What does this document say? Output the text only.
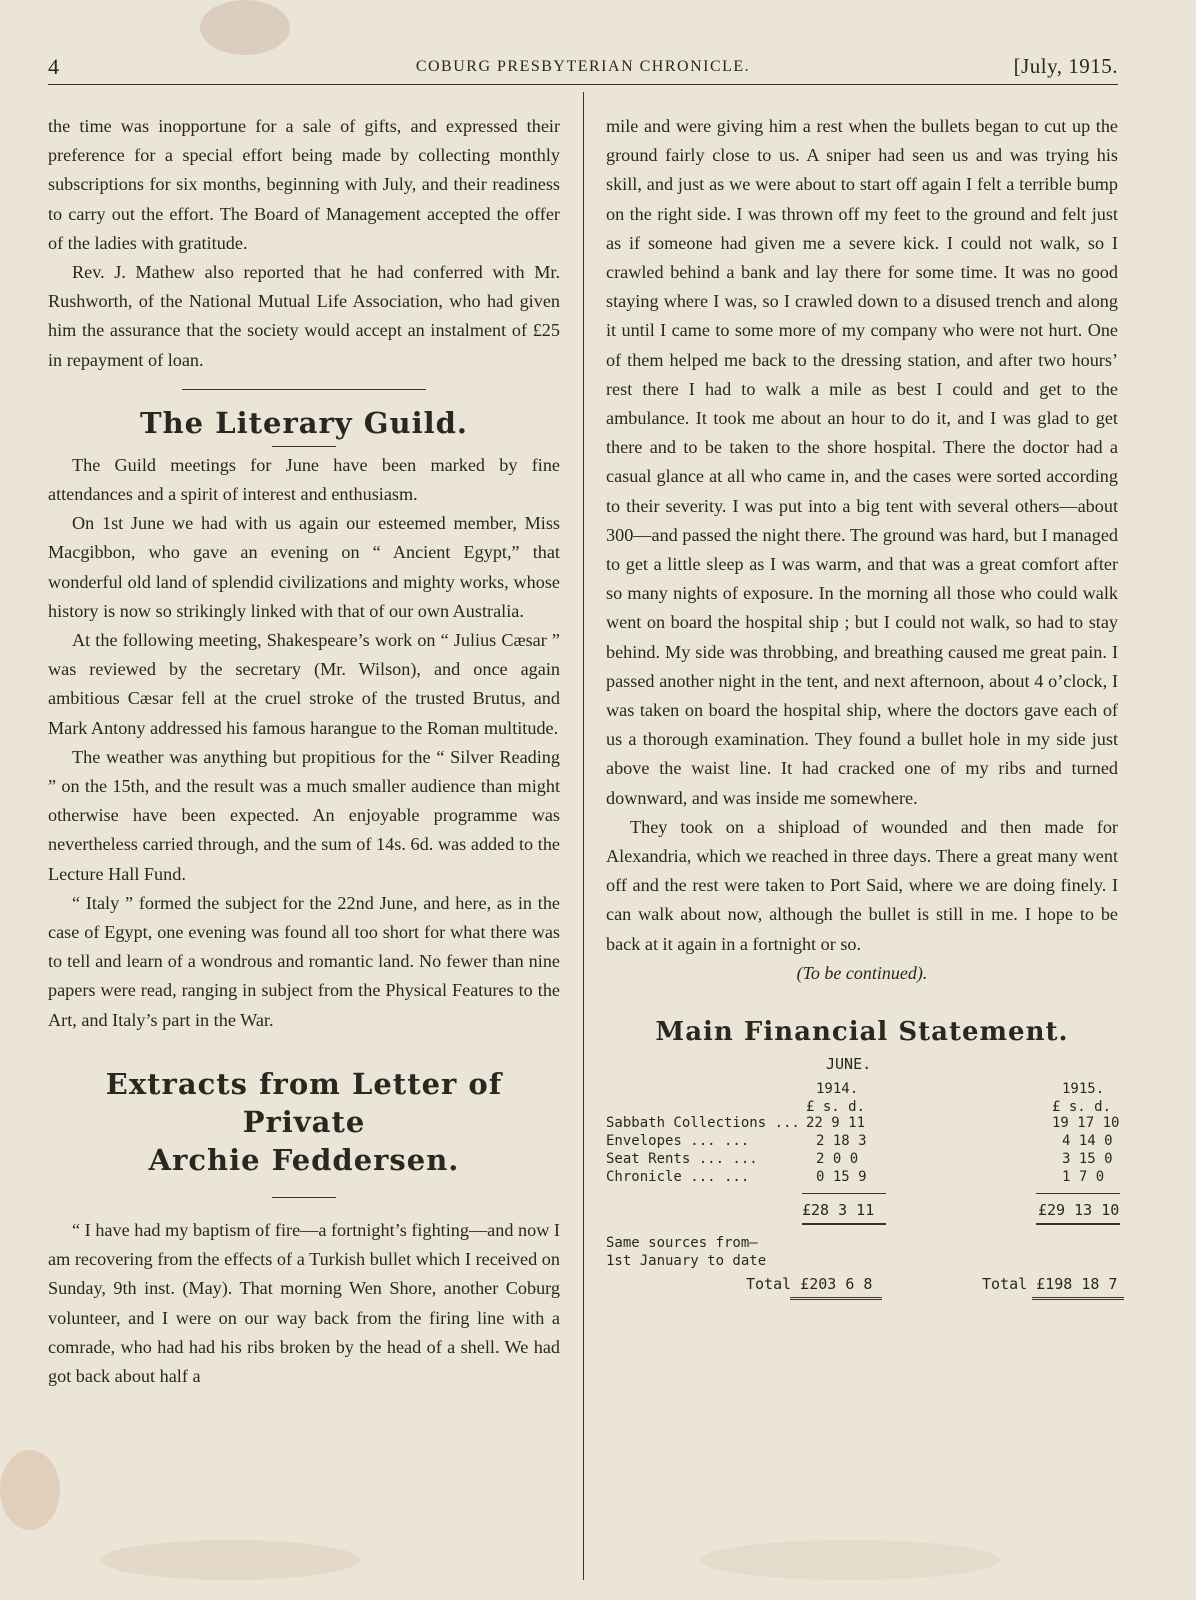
4	COBURG PRESBYTERIAN CHRONICLE.	[July, 1915.

the time was inopportune for a sale of gifts, and expressed their preference for a special effort being made by collecting monthly subscriptions for six months, beginning with July, and their readiness to carry out the effort. The Board of Management accepted the offer of the ladies with gratitude.

Rev. J. Mathew also reported that he had conferred with Mr. Rushworth, of the National Mutual Life Association, who had given him the assurance that the society would accept an instalment of £25 in repayment of loan.

The Literary Guild.

The Guild meetings for June have been marked by fine attendances and a spirit of interest and enthusiasm.

On 1st June we had with us again our esteemed member, Miss Macgibbon, who gave an evening on “ Ancient Egypt,” that wonderful old land of splendid civilizations and mighty works, whose history is now so strikingly linked with that of our own Australia.

At the following meeting, Shakespeare’s work on “ Julius Cæsar ” was reviewed by the secretary (Mr. Wilson), and once again ambitious Cæsar fell at the cruel stroke of the trusted Brutus, and Mark Antony addressed his famous harangue to the Roman multitude.

The weather was anything but propitious for the “ Silver Reading ” on the 15th, and the result was a much smaller audience than might otherwise have been expected. An enjoyable programme was nevertheless carried through, and the sum of 14s. 6d. was added to the Lecture Hall Fund.

“ Italy ” formed the subject for the 22nd June, and here, as in the case of Egypt, one evening was found all too short for what there was to tell and learn of a wondrous and romantic land. No fewer than nine papers were read, ranging in subject from the Physical Features to the Art, and Italy’s part in the War.

Extracts from Letter of Private
Archie Feddersen.

“ I have had my baptism of fire—a fortnight’s fighting—and now I am recovering from the effects of a Turkish bullet which I received on Sunday, 9th inst. (May). That morning Wen Shore, another Coburg volunteer, and I were on our way back from the firing line with a comrade, who had had his ribs broken by the head of a shell. We had got back about half a

mile and were giving him a rest when the bullets began to cut up the ground fairly close to us. A sniper had seen us and was trying his skill, and just as we were about to start off again I felt a terrible bump on the right side. I was thrown off my feet to the ground and felt just as if someone had given me a severe kick. I could not walk, so I crawled behind a bank and lay there for some time. It was no good staying where I was, so I crawled down to a disused trench and along it until I came to some more of my company who were not hurt. One of them helped me back to the dressing station, and after two hours’ rest there I had to walk a mile as best I could and get to the ambulance. It took me about an hour to do it, and I was glad to get there and to be taken to the shore hospital. There the doctor had a casual glance at all who came in, and the cases were sorted according to their severity. I was put into a big tent with several others—about 300—and passed the night there. The ground was hard, but I managed to get a little sleep as I was warm, and that was a great comfort after so many nights of exposure. In the morning all those who could walk went on board the hospital ship ; but I could not walk, so had to stay behind. My side was throbbing, and breathing caused me great pain. I passed another night in the tent, and next afternoon, about 4 o’clock, I was taken on board the hospital ship, where the doctors gave each of us a thorough examination. They found a bullet hole in my side just above the waist line. It had cracked one of my ribs and turned downward, and was inside me somewhere.

They took on a shipload of wounded and then made for Alexandria, which we reached in three days. There a great many went off and the rest were taken to Port Said, where we are doing finely. I can walk about now, although the bullet is still in me. I hope to be back at it again in a fortnight or so.

(To be continued).

Main Financial Statement.
JUNE.
1914.	1915.
£ s. d.	£ s. d.
Sabbath Collections ... 22 9 11	19 17 10
Envelopes ... ...	2 18 3	4 14 0
Seat Rents ... ...	2 0 0	3 15 0
Chronicle ... ...	0 15 9	1 7 0
£28 3 11	£29 13 10
Same sources from—
1st January to date
Total £203 6 8	Total £198 18 7
